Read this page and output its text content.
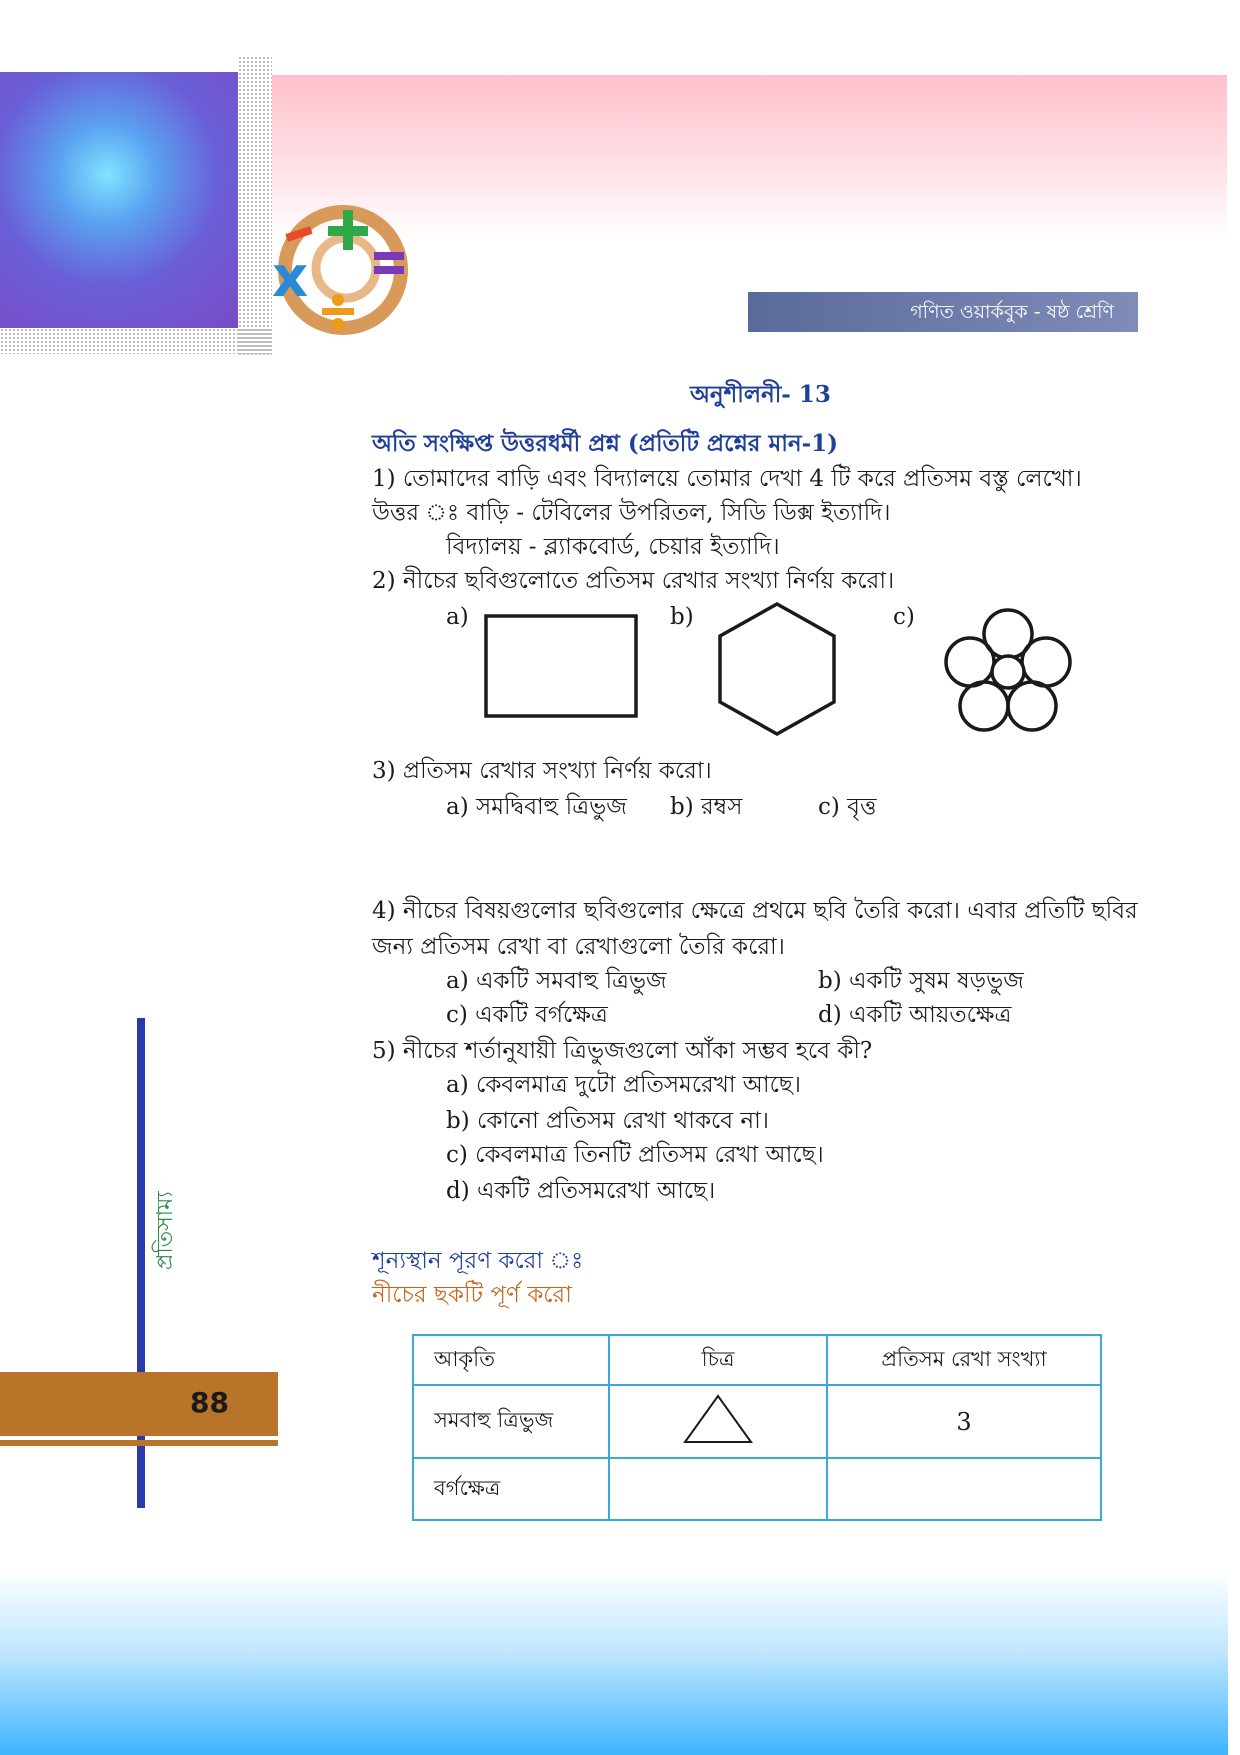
x
গণিত ওয়ার্কবুক - ষষ্ঠ শ্রেণি
অনুশীলনী- 13
অতি সংক্ষিপ্ত উত্তরধর্মী প্রশ্ন (প্রতিটি প্রশ্নের মান-1)
1) তোমাদের বাড়ি এবং বিদ্যালয়ে তোমার দেখা 4 টি করে প্রতিসম বস্তু লেখো।
উত্তর ঃ বাড়ি - টেবিলের উপরিতল, সিডি ডিক্স ইত্যাদি।
বিদ্যালয় - ব্ল্যাকবোর্ড, চেয়ার ইত্যাদি।
2) নীচের ছবিগুলোতে প্রতিসম রেখার সংখ্যা নির্ণয় করো।
a)	b)	c)
3) প্রতিসম রেখার সংখ্যা নির্ণয় করো।
a) সমদ্বিবাহু ত্রিভুজ b) রম্বস	c) বৃত্ত
4) নীচের বিষয়গুলোর ছবিগুলোর ক্ষেত্রে প্রথমে ছবি তৈরি করো। এবার প্রতিটি ছবির
জন্য প্রতিসম রেখা বা রেখাগুলো তৈরি করো।
a) একটি সমবাহু ত্রিভুজ	b) একটি সুষম ষড়ভুজ
c) একটি বর্গক্ষেত্র	d) একটি আয়তক্ষেত্র
5) নীচের শর্তানুযায়ী ত্রিভুজগুলো আঁকা সম্ভব হবে কী?
a) কেবলমাত্র দুটো প্রতিসমরেখা আছে।
b) কোনো প্রতিসম রেখা থাকবে না।
c) কেবলমাত্র তিনটি প্রতিসম রেখা আছে।
d) একটি প্রতিসমরেখা আছে।
শূন্যস্থান পূরণ করো ঃ
নীচের ছকটি পূর্ণ করো
আকৃতি	চিত্র	প্রতিসম রেখা সংখ্যা
সমবাহু ত্রিভুজ		3
বর্গক্ষেত্র		
প্রতিসাম্য
88
